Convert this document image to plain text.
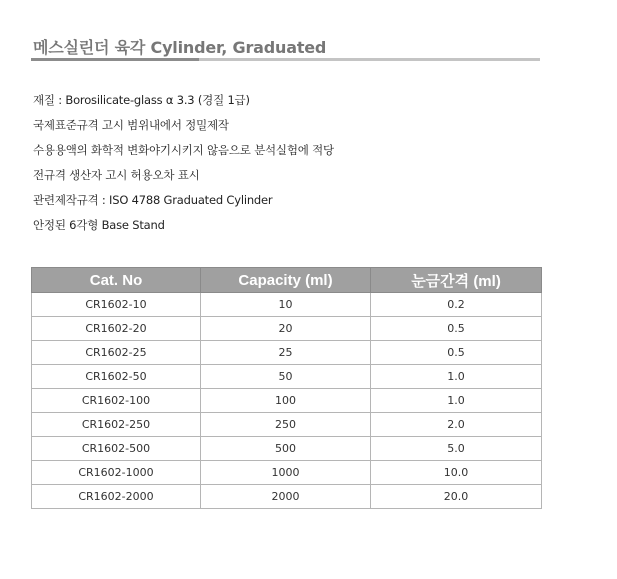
메스실린더 육각 Cylinder, Graduated
재질 : Borosilicate-glass α 3.3 (경질 1급)
국제표준규격 고시 범위내에서 정밀제작
수용용액의 화학적 변화야기시키지 않음으로 분석실험에 적당
전규격 생산자 고시 허용오차 표시
관련제작규격 : ISO 4788 Graduated Cylinder
안정된 6각형 Base Stand
Cat. No	Capacity (ml)	눈금간격 (ml)
CR1602-10	10	0.2
CR1602-20	20	0.5
CR1602-25	25	0.5
CR1602-50	50	1.0
CR1602-100	100	1.0
CR1602-250	250	2.0
CR1602-500	500	5.0
CR1602-1000	1000	10.0
CR1602-2000	2000	20.0
